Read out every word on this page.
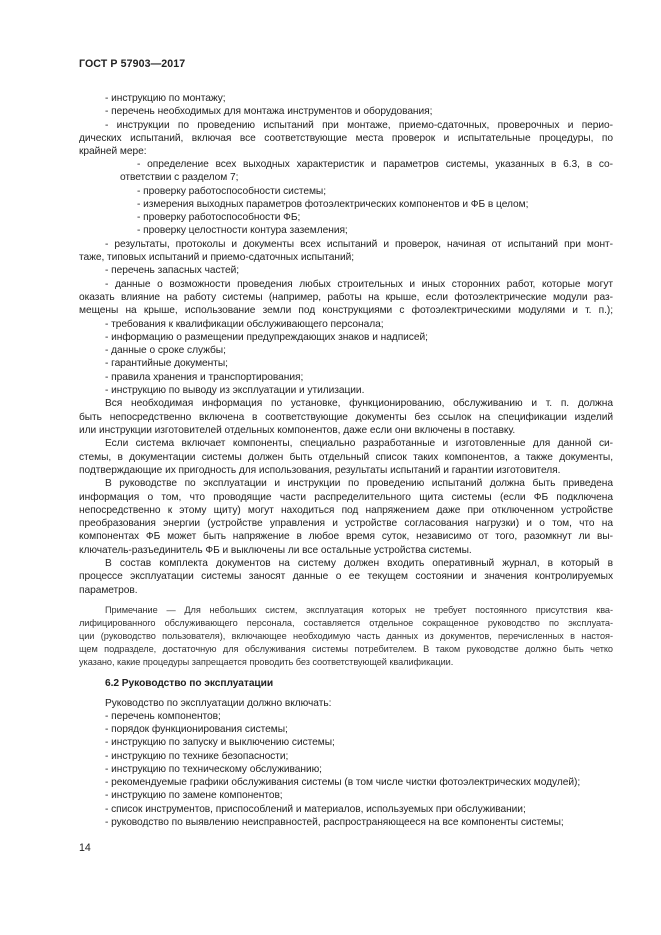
ГОСТ Р 57903—2017
- инструкцию по монтажу;
- перечень необходимых для монтажа инструментов и оборудования;
- инструкции по проведению испытаний при монтаже, приемо-сдаточных, проверочных и перио-
дических испытаний, включая все соответствующие места проверок и испытательные процедуры, по
крайней мере:
- определение всех выходных характеристик и параметров системы, указанных в 6.3, в со-
ответствии с разделом 7;
- проверку работоспособности системы;
- измерения выходных параметров фотоэлектрических компонентов и ФБ в целом;
- проверку работоспособности ФБ;
- проверку целостности контура заземления;
- результаты, протоколы и документы всех испытаний и проверок, начиная от испытаний при монт-
таже, типовых испытаний и приемо-сдаточных испытаний;
- перечень запасных частей;
- данные о возможности проведения любых строительных и иных сторонних работ, которые могут
оказать влияние на работу системы (например, работы на крыше, если фотоэлектрические модули раз-
мещены на крыше, использование земли под конструкциями с фотоэлектрическими модулями и т. п.);
- требования к квалификации обслуживающего персонала;
- информацию о размещении предупреждающих знаков и надписей;
- данные о сроке службы;
- гарантийные документы;
- правила хранения и транспортирования;
- инструкцию по выводу из эксплуатации и утилизации.
Вся необходимая информация по установке, функционированию, обслуживанию и т. п. должна
быть непосредственно включена в соответствующие документы без ссылок на спецификации изделий
или инструкции изготовителей отдельных компонентов, даже если они включены в поставку.
Если система включает компоненты, специально разработанные и изготовленные для данной си-
стемы, в документации системы должен быть отдельный список таких компонентов, а также документы,
подтверждающие их пригодность для использования, результаты испытаний и гарантии изготовителя.
В руководстве по эксплуатации и инструкции по проведению испытаний должна быть приведена
информация о том, что проводящие части распределительного щита системы (если ФБ подключена
непосредственно к этому щиту) могут находиться под напряжением даже при отключенном устройстве
преобразования энергии (устройстве управления и устройстве согласования нагрузки) и о том, что на
компонентах ФБ может быть напряжение в любое время суток, независимо от того, разомкнут ли вы-
ключатель-разъединитель ФБ и выключены ли все остальные устройства системы.
В состав комплекта документов на систему должен входить оперативный журнал, в который в
процессе эксплуатации системы заносят данные о ее текущем состоянии и значения контролируемых
параметров.
Примечание — Для небольших систем, эксплуатация которых не требует постоянного присутствия ква-
лифицированного обслуживающего персонала, составляется отдельное сокращенное руководство по эксплуата-
ции (руководство пользователя), включающее необходимую часть данных из документов, перечисленных в настоя-
щем подразделе, достаточную для обслуживания системы потребителем. В таком руководстве должно быть четко
указано, какие процедуры запрещается проводить без соответствующей квалификации.
6.2 Руководство по эксплуатации
Руководство по эксплуатации должно включать:
- перечень компонентов;
- порядок функционирования системы;
- инструкцию по запуску и выключению системы;
- инструкцию по технике безопасности;
- инструкцию по техническому обслуживанию;
- рекомендуемые графики обслуживания системы (в том числе чистки фотоэлектрических модулей);
- инструкцию по замене компонентов;
- список инструментов, приспособлений и материалов, используемых при обслуживании;
- руководство по выявлению неисправностей, распространяющееся на все компоненты системы;
14
